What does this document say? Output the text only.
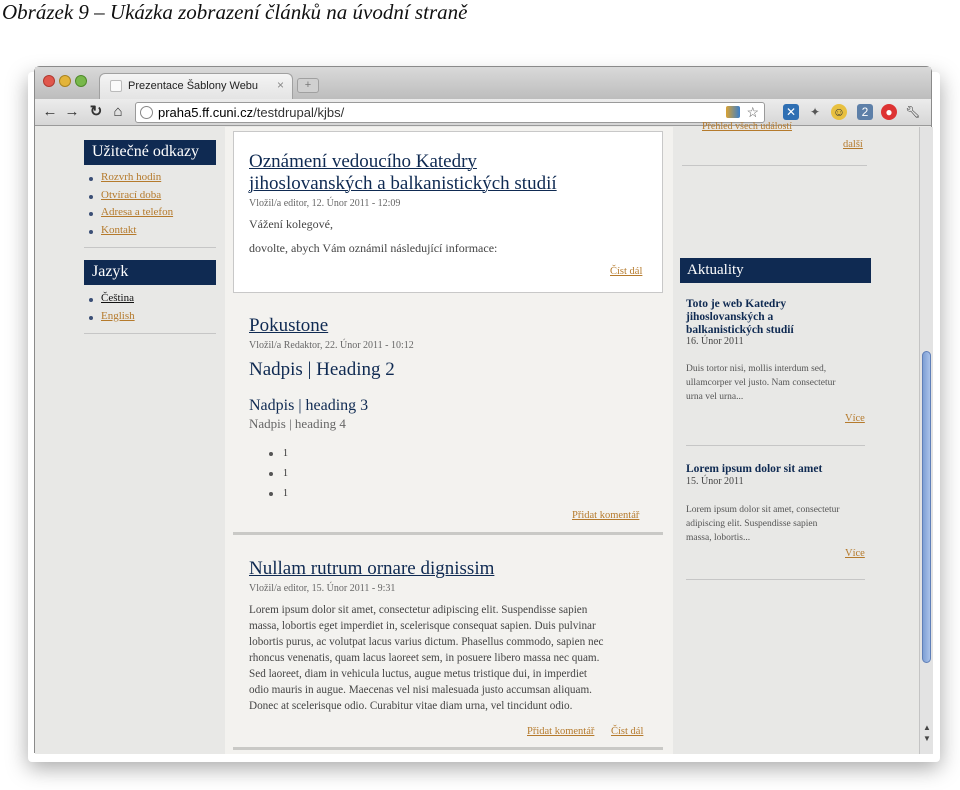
Obrázek 9 – Ukázka zobrazení článků na úvodní straně
Prezentace Šablony Webu ×	+
← → ↻ ⌂	praha5.ff.cuni.cz/testdrupal/kjbs/	☆ ✕ ✦ ☺	2	●	🔧︎
Užitečné odkazy
Rozvrh hodin
Otvírací doba
Adresa a telefon
Kontakt
Jazyk
Čeština
English
Oznámení vedoucího Katedry
jihoslovanských a balkanistických studií
Vložil/a editor, 12. Únor 2011 - 12:09
Vážení kolegové,
dovolte, abych Vám oznámil následující informace:
Číst dál
Pokustone
Vložil/a Redaktor, 22. Únor 2011 - 10:12
Nadpis | Heading 2
Nadpis | heading 3
Nadpis | heading 4
1
1
1
Přidat komentář
Nullam rutrum ornare dignissim
Vložil/a editor, 15. Únor 2011 - 9:31
Lorem ipsum dolor sit amet, consectetur adipiscing elit. Suspendisse sapien
massa, lobortis eget imperdiet in, scelerisque consequat sapien. Duis pulvinar
lobortis purus, ac volutpat lacus varius dictum. Phasellus commodo, sapien nec
rhoncus venenatis, quam lacus laoreet sem, in posuere libero massa nec quam.
Sed laoreet, diam in vehicula luctus, augue metus tristique dui, in imperdiet
odio mauris in augue. Maecenas vel nisi malesuada justo accumsan aliquam.
Donec at scelerisque odio. Curabitur vitae diam urna, vel tincidunt odio.
Přidat komentář Číst dál
Přehled všech událostí
další
Aktuality
Toto je web Katedry
jihoslovanských a
balkanistických studií
16. Únor 2011
Duis tortor nisi, mollis interdum sed,
ullamcorper vel justo. Nam consectetur
urna vel urna...
Více
Lorem ipsum dolor sit amet
15. Únor 2011
Lorem ipsum dolor sit amet, consectetur
adipiscing elit. Suspendisse sapien
massa, lobortis...
Více
▲
▼
